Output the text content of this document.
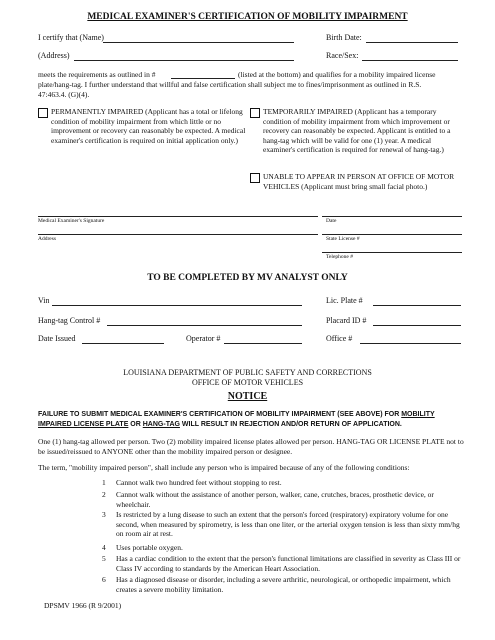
MEDICAL EXAMINER'S CERTIFICATION OF MOBILITY IMPAIRMENT
I certify that (Name)	Birth Date:
(Address)	Race/Sex:
meets the requirements as outlined in #	(listed at the bottom) and qualifies for a mobility impaired license
plate/hang-tag. I further understand that willful and false certification shall subject me to fines/imprisonment as outlined in R.S.
47:463.4. (G)(4).
PERMANENTLY IMPAIRED (Applicant has a total or lifelong condition of mobility impairment from which little or no improvement or recovery can reasonably be expected. A medical examiner's certification is required on initial application only.)
TEMPORARILY IMPAIRED (Applicant has a temporary condition of mobility impairment from which improvement or recovery can reasonably be expected. Applicant is entitled to a hang-tag which will be valid for one (1) year. A medical examiner's certification is required for renewal of hang-tag.)
UNABLE TO APPEAR IN PERSON AT OFFICE OF MOTOR VEHICLES (Applicant must bring small facial photo.)
Medical Examiner's Signature	Date
Address	State License #
Telephone #
TO BE COMPLETED BY MV ANALYST ONLY
Vin	Lic. Plate #
Hang-tag Control #	Placard ID #
Date Issued	Operator #	Office #
LOUISIANA DEPARTMENT OF PUBLIC SAFETY AND CORRECTIONS
OFFICE OF MOTOR VEHICLES
NOTICE
FAILURE TO SUBMIT MEDICAL EXAMINER'S CERTIFICATION OF MOBILITY IMPAIRMENT (SEE ABOVE) FOR MOBILITY IMPAIRED LICENSE PLATE OR HANG-TAG WILL RESULT IN REJECTION AND/OR RETURN OF APPLICATION.
One (1) hang-tag allowed per person. Two (2) mobility impaired license plates allowed per person. HANG-TAG OR LICENSE PLATE not to be issued/reissued to ANYONE other than the mobility impaired person or designee.
The term, "mobility impaired person", shall include any person who is impaired because of any of the following conditions:
1 Cannot walk two hundred feet without stopping to rest.
2 Cannot walk without the assistance of another person, walker, cane, crutches, braces, prosthetic device, or wheelchair.
3 Is restricted by a lung disease to such an extent that the person's forced (respiratory) expiratory volume for one second, when measured by spirometry, is less than one liter, or the arterial oxygen tension is less than sixty mm/hg on room air at rest.
4 Uses portable oxygen.
5 Has a cardiac condition to the extent that the person's functional limitations are classified in severity as Class III or Class IV according to standards by the American Heart Association.
6 Has a diagnosed disease or disorder, including a severe arthritic, neurological, or orthopedic impairment, which creates a severe mobility limitation.
DPSMV 1966 (R 9/2001)
